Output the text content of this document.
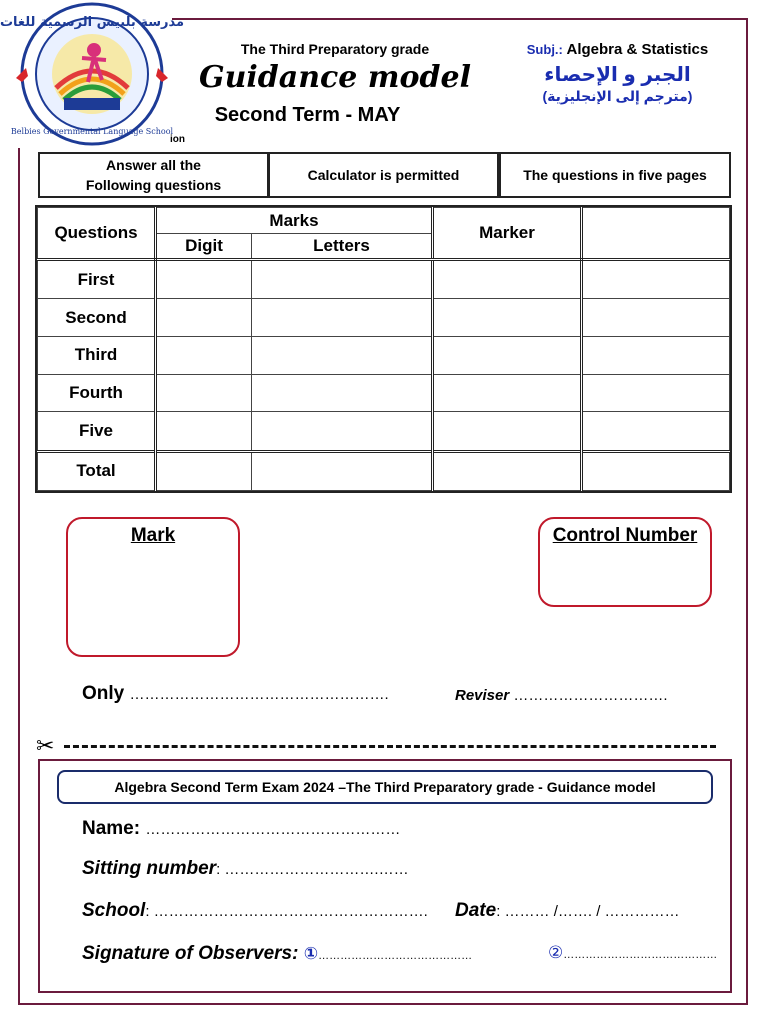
مدرسة بلبيس الرسمية للغات
Belbies Governmental Language School
The Third Preparatory grade
Guidance model
Second Term - MAY
ion
Subj.: Algebra & Statistics
الجبر و الإحصاء
(مترجم إلى الإنجليزية)
Answer all the
Following questions
Calculator is permitted	The questions in five pages
Questions	Marks		Marker	
	Digit	Letters		
First				
Second				
Third				
Fourth				
Five				
Total				
Mark	Control Number
Only …………………………………………….	Reviser ………………………….
✂
Algebra Second Term Exam 2024 –The Third Preparatory grade - Guidance model
Name: ……………………………………………
Sitting number: ………………………….……
School: ………………………………………………. Date: ……… /……. / ……………
Signature of Observers: ①……………………………………	②……………………………………
